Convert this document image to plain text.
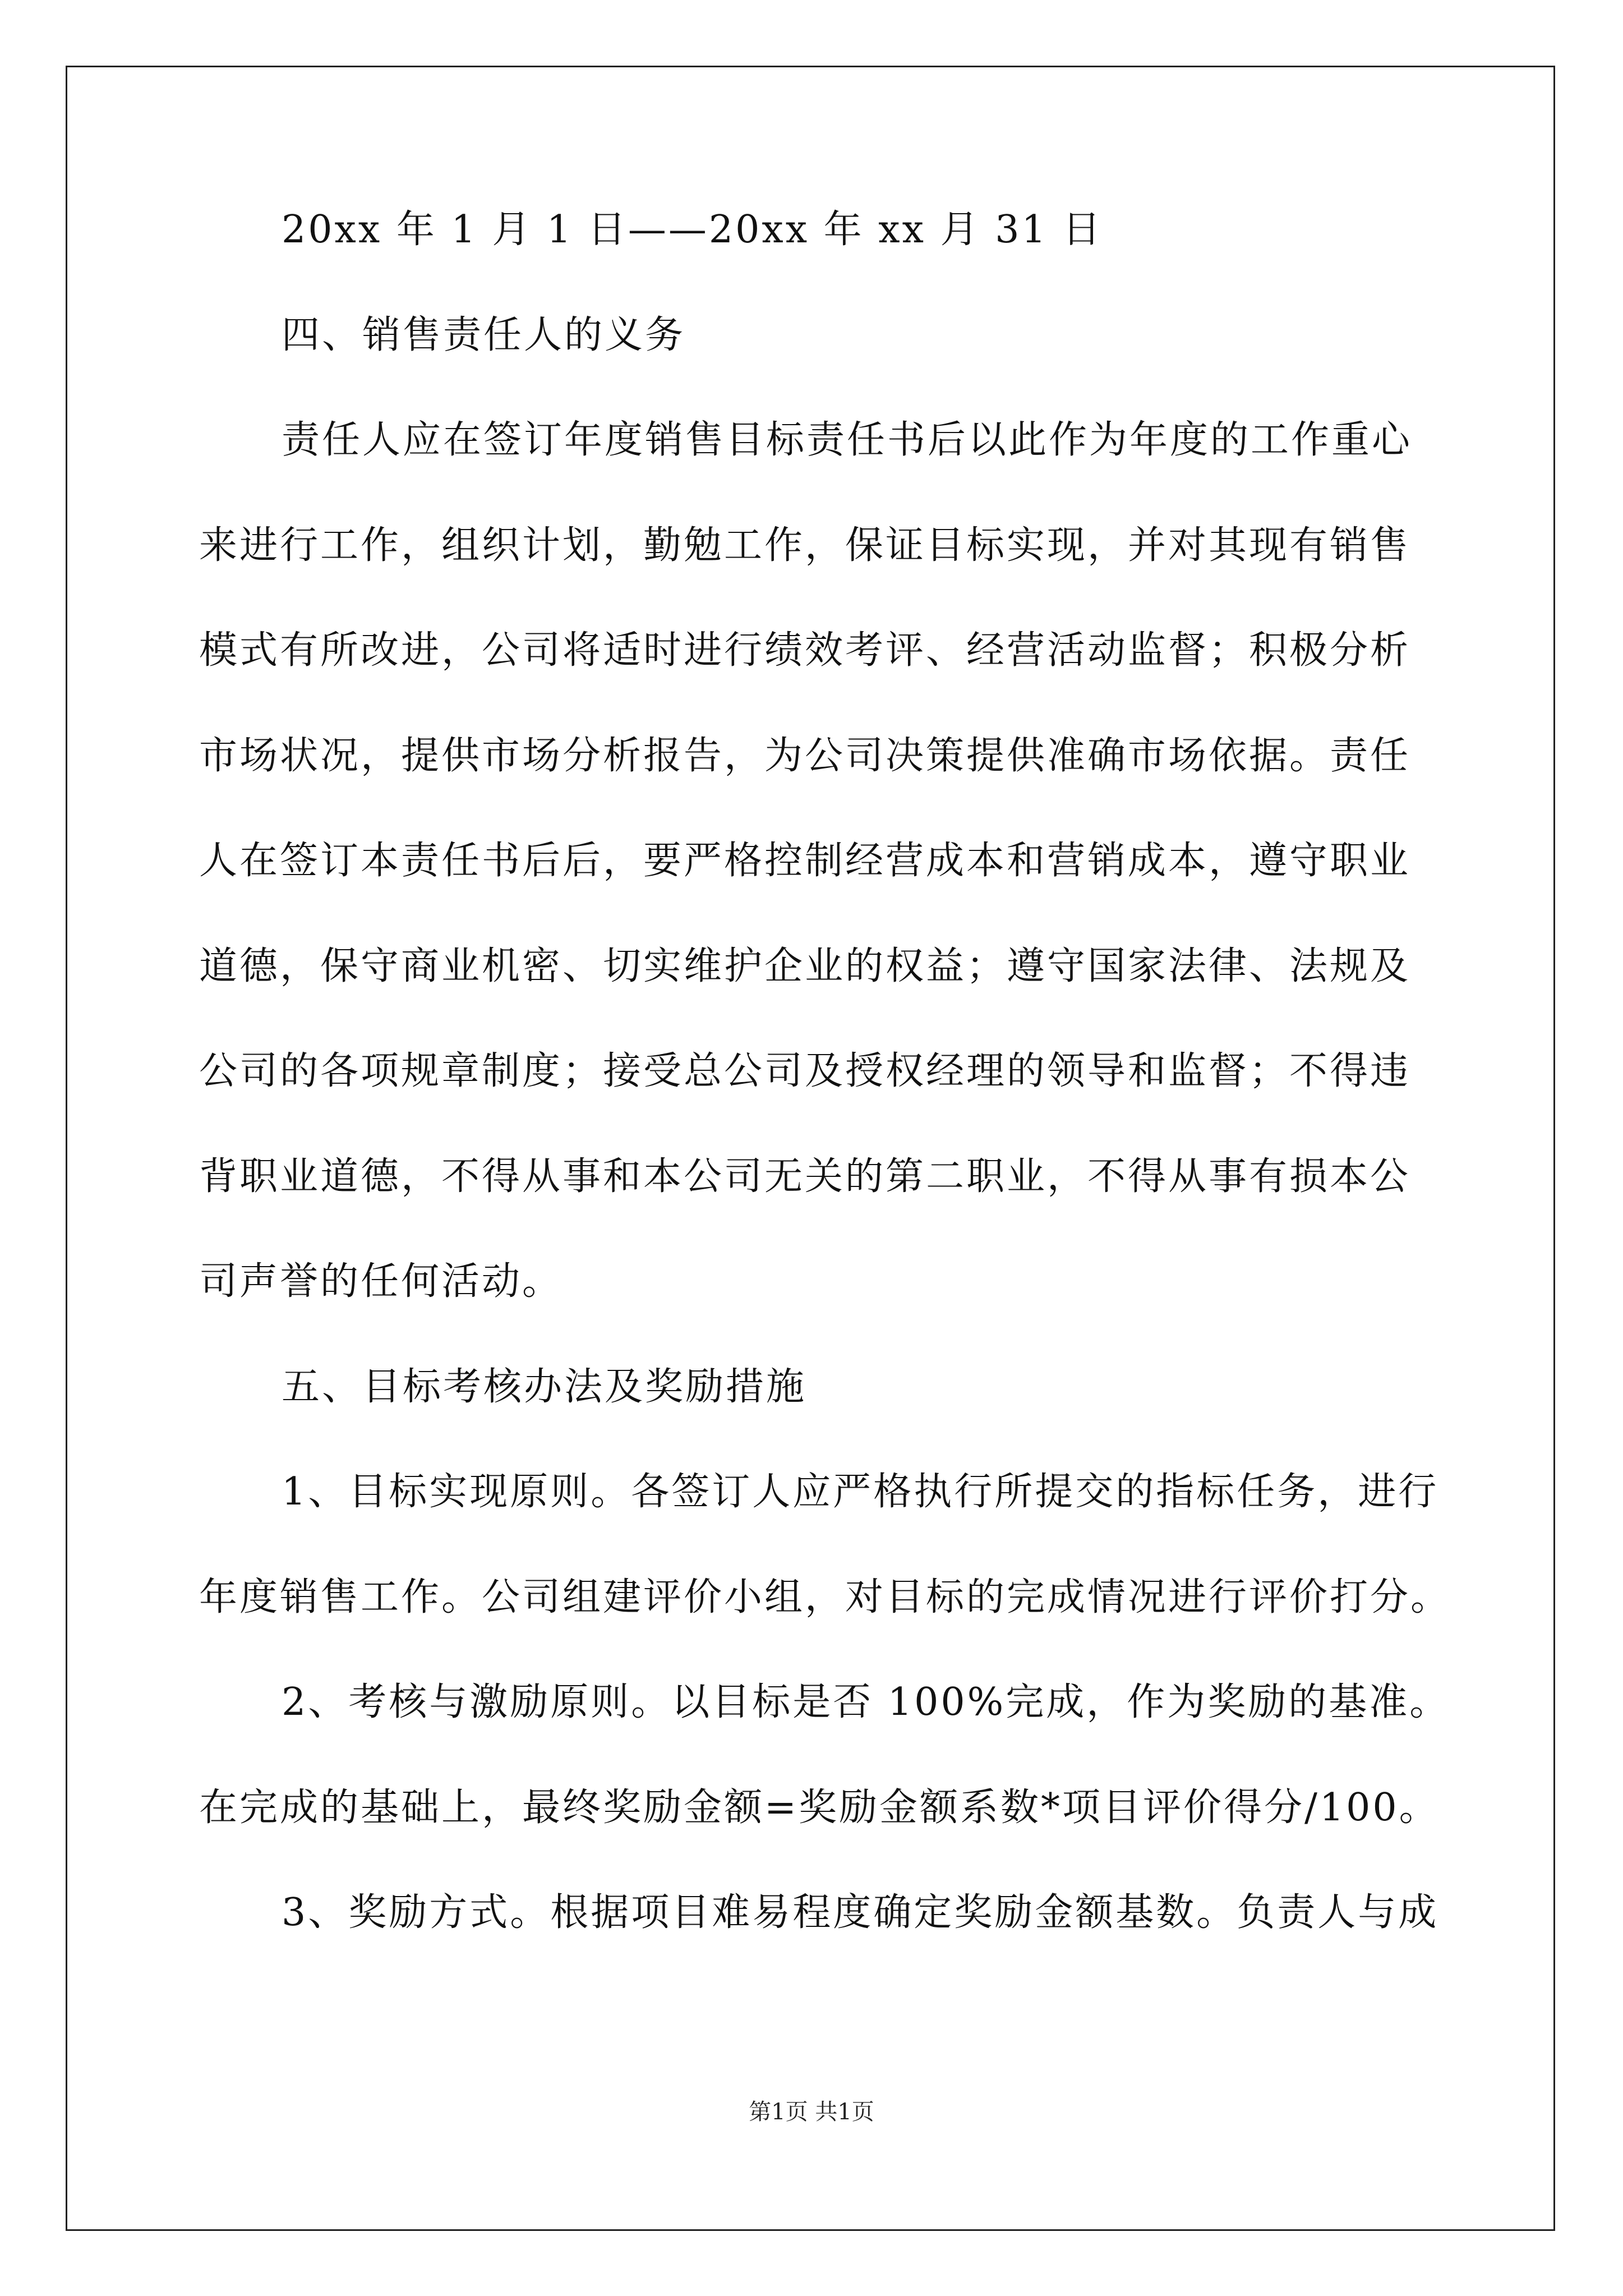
20xx 年 1 月 1 日——20xx 年 xx 月 31 日
四、销售责任人的义务
责任人应在签订年度销售目标责任书后以此作为年度的工作重心
来进行工作，组织计划，勤勉工作，保证目标实现，并对其现有销售
模式有所改进，公司将适时进行绩效考评、经营活动监督；积极分析
市场状况，提供市场分析报告，为公司决策提供准确市场依据。责任
人在签订本责任书后后，要严格控制经营成本和营销成本，遵守职业
道德，保守商业机密、切实维护企业的权益；遵守国家法律、法规及
公司的各项规章制度；接受总公司及授权经理的领导和监督；不得违
背职业道德，不得从事和本公司无关的第二职业，不得从事有损本公
司声誉的任何活动。
五、目标考核办法及奖励措施
1、目标实现原则。各签订人应严格执行所提交的指标任务，进行
年度销售工作。公司组建评价小组，对目标的完成情况进行评价打分。
2、考核与激励原则。以目标是否 100%完成，作为奖励的基准。
在完成的基础上，最终奖励金额=奖励金额系数*项目评价得分/100。
3、奖励方式。根据项目难易程度确定奖励金额基数。负责人与成
第1页 共1页
